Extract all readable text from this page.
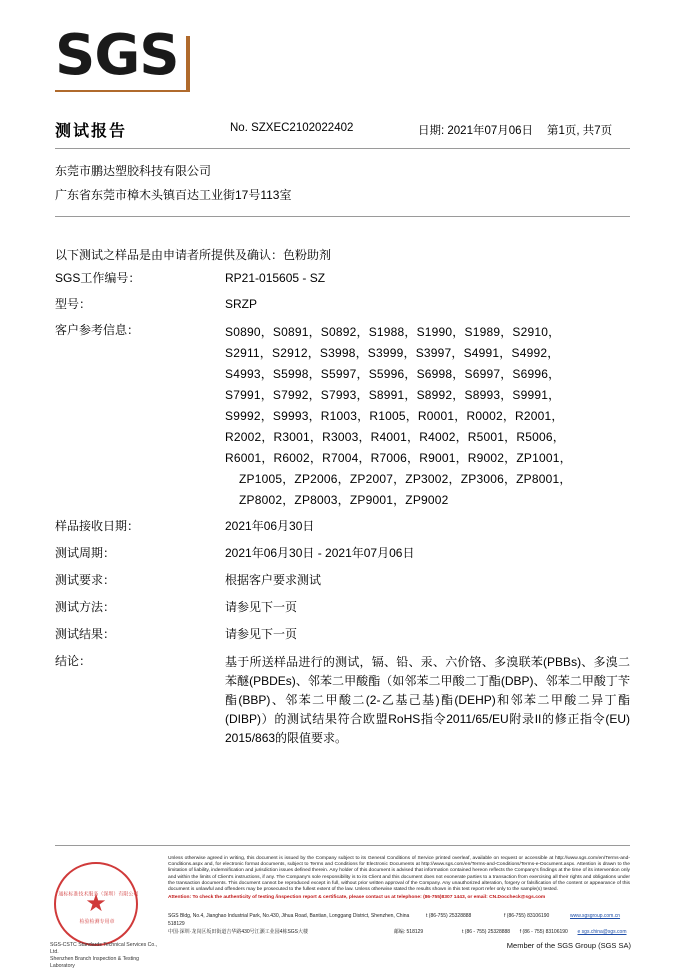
SGS
测试报告	No. SZXEC2102022402	日期: 2021年07月06日 第1页, 共7页
东莞市鹏达塑胶科技有限公司
广东省东莞市樟木头镇百达工业街17号113室
以下测试之样品是由申请者所提供及确认：色粉助剂
SGS工作编号：	RP21-015605 - SZ
型号：	SRZP
客户参考信息：	S0890，S0891，S0892，S1988，S1990，S1989，S2910，
S2911，S2912，S3998，S3999，S3997，S4991，S4992，
S4993，S5998，S5997，S5996，S6998，S6997，S6996，
S7991，S7992，S7993，S8991，S8992，S8993，S9991，
S9992，S9993，R1003，R1005，R0001，R0002，R2001，
R2002，R3001，R3003，R4001，R4002，R5001，R5006，
R6001，R6002，R7004，R7006，R9001，R9002，ZP1001，
ZP1005，ZP2006，ZP2007，ZP3002，ZP3006，ZP8001，
ZP8002，ZP8003，ZP9001，ZP9002
样品接收日期：	2021年06月30日
测试周期：	2021年06月30日 - 2021年07月06日
测试要求：	根据客户要求测试
测试方法：	请参见下一页
测试结果：	请参见下一页
结论：	基于所送样品进行的测试，镉、铅、汞、六价铬、多溴联苯(PBBs)、多溴二苯醚(PBDEs)、邻苯二甲酸酯（如邻苯二甲酸二丁酯(DBP)、邻苯二甲酸丁苄酯(BBP)、邻苯二甲酸二(2-乙基己基)酯(DEHP)和邻苯二甲酸二异丁酯(DIBP)）的测试结果符合欧盟RoHS指令2011/65/EU附录II的修正指令(EU) 2015/863的限值要求。
★
通标标准技术服务（深圳）有限公司
检验检测专用章
SGS-CSTC Standards Technical Services Co., Ltd.
Shenzhen Branch Inspection & Testing Laboratory
Unless otherwise agreed in writing, this document is issued by the Company subject to its General Conditions of Service printed overleaf, available on request or accessible at http://www.sgs.com/en/Terms-and-Conditions.aspx and, for electronic format documents, subject to Terms and Conditions for Electronic Documents at http://www.sgs.com/en/Terms-and-Conditions/Terms-e-Document.aspx. Attention is drawn to the limitation of liability, indemnification and jurisdiction issues defined therein. Any holder of this document is advised that information contained hereon reflects the Company's findings at the time of its intervention only and within the limits of Client's instructions, if any. The Company's sole responsibility is to its Client and this document does not exonerate parties to a transaction from exercising all their rights and obligations under the transaction documents. This document cannot be reproduced except in full, without prior written approval of the Company. Any unauthorized alteration, forgery or falsification of the content or appearance of this document is unlawful and offenders may be prosecuted to the fullest extent of the law. Unless otherwise stated the results shown in this test report refer only to the sample(s) tested.
Attention: To check the authenticity of testing /inspection report & certificate, please contact us at telephone: (86-755)8307 1443, or email: CN.Doccheck@sgs.com
SGS Bldg, No.4, Jianghao Industrial Park, No.430, Jihua Road, Bantian, Longgang District, Shenzhen, China 518129
t (86-755) 25328888	f (86-755) 83106190	www.sgsgroup.com.cn
中国·深圳·龙岗区坂田街道吉华路430号江灏工业园4栋SGS大楼	邮编: 518129	t (86 - 755) 25328888	f (86 - 755) 83106190	e sgs.china@sgs.com
Member of the SGS Group (SGS SA)
